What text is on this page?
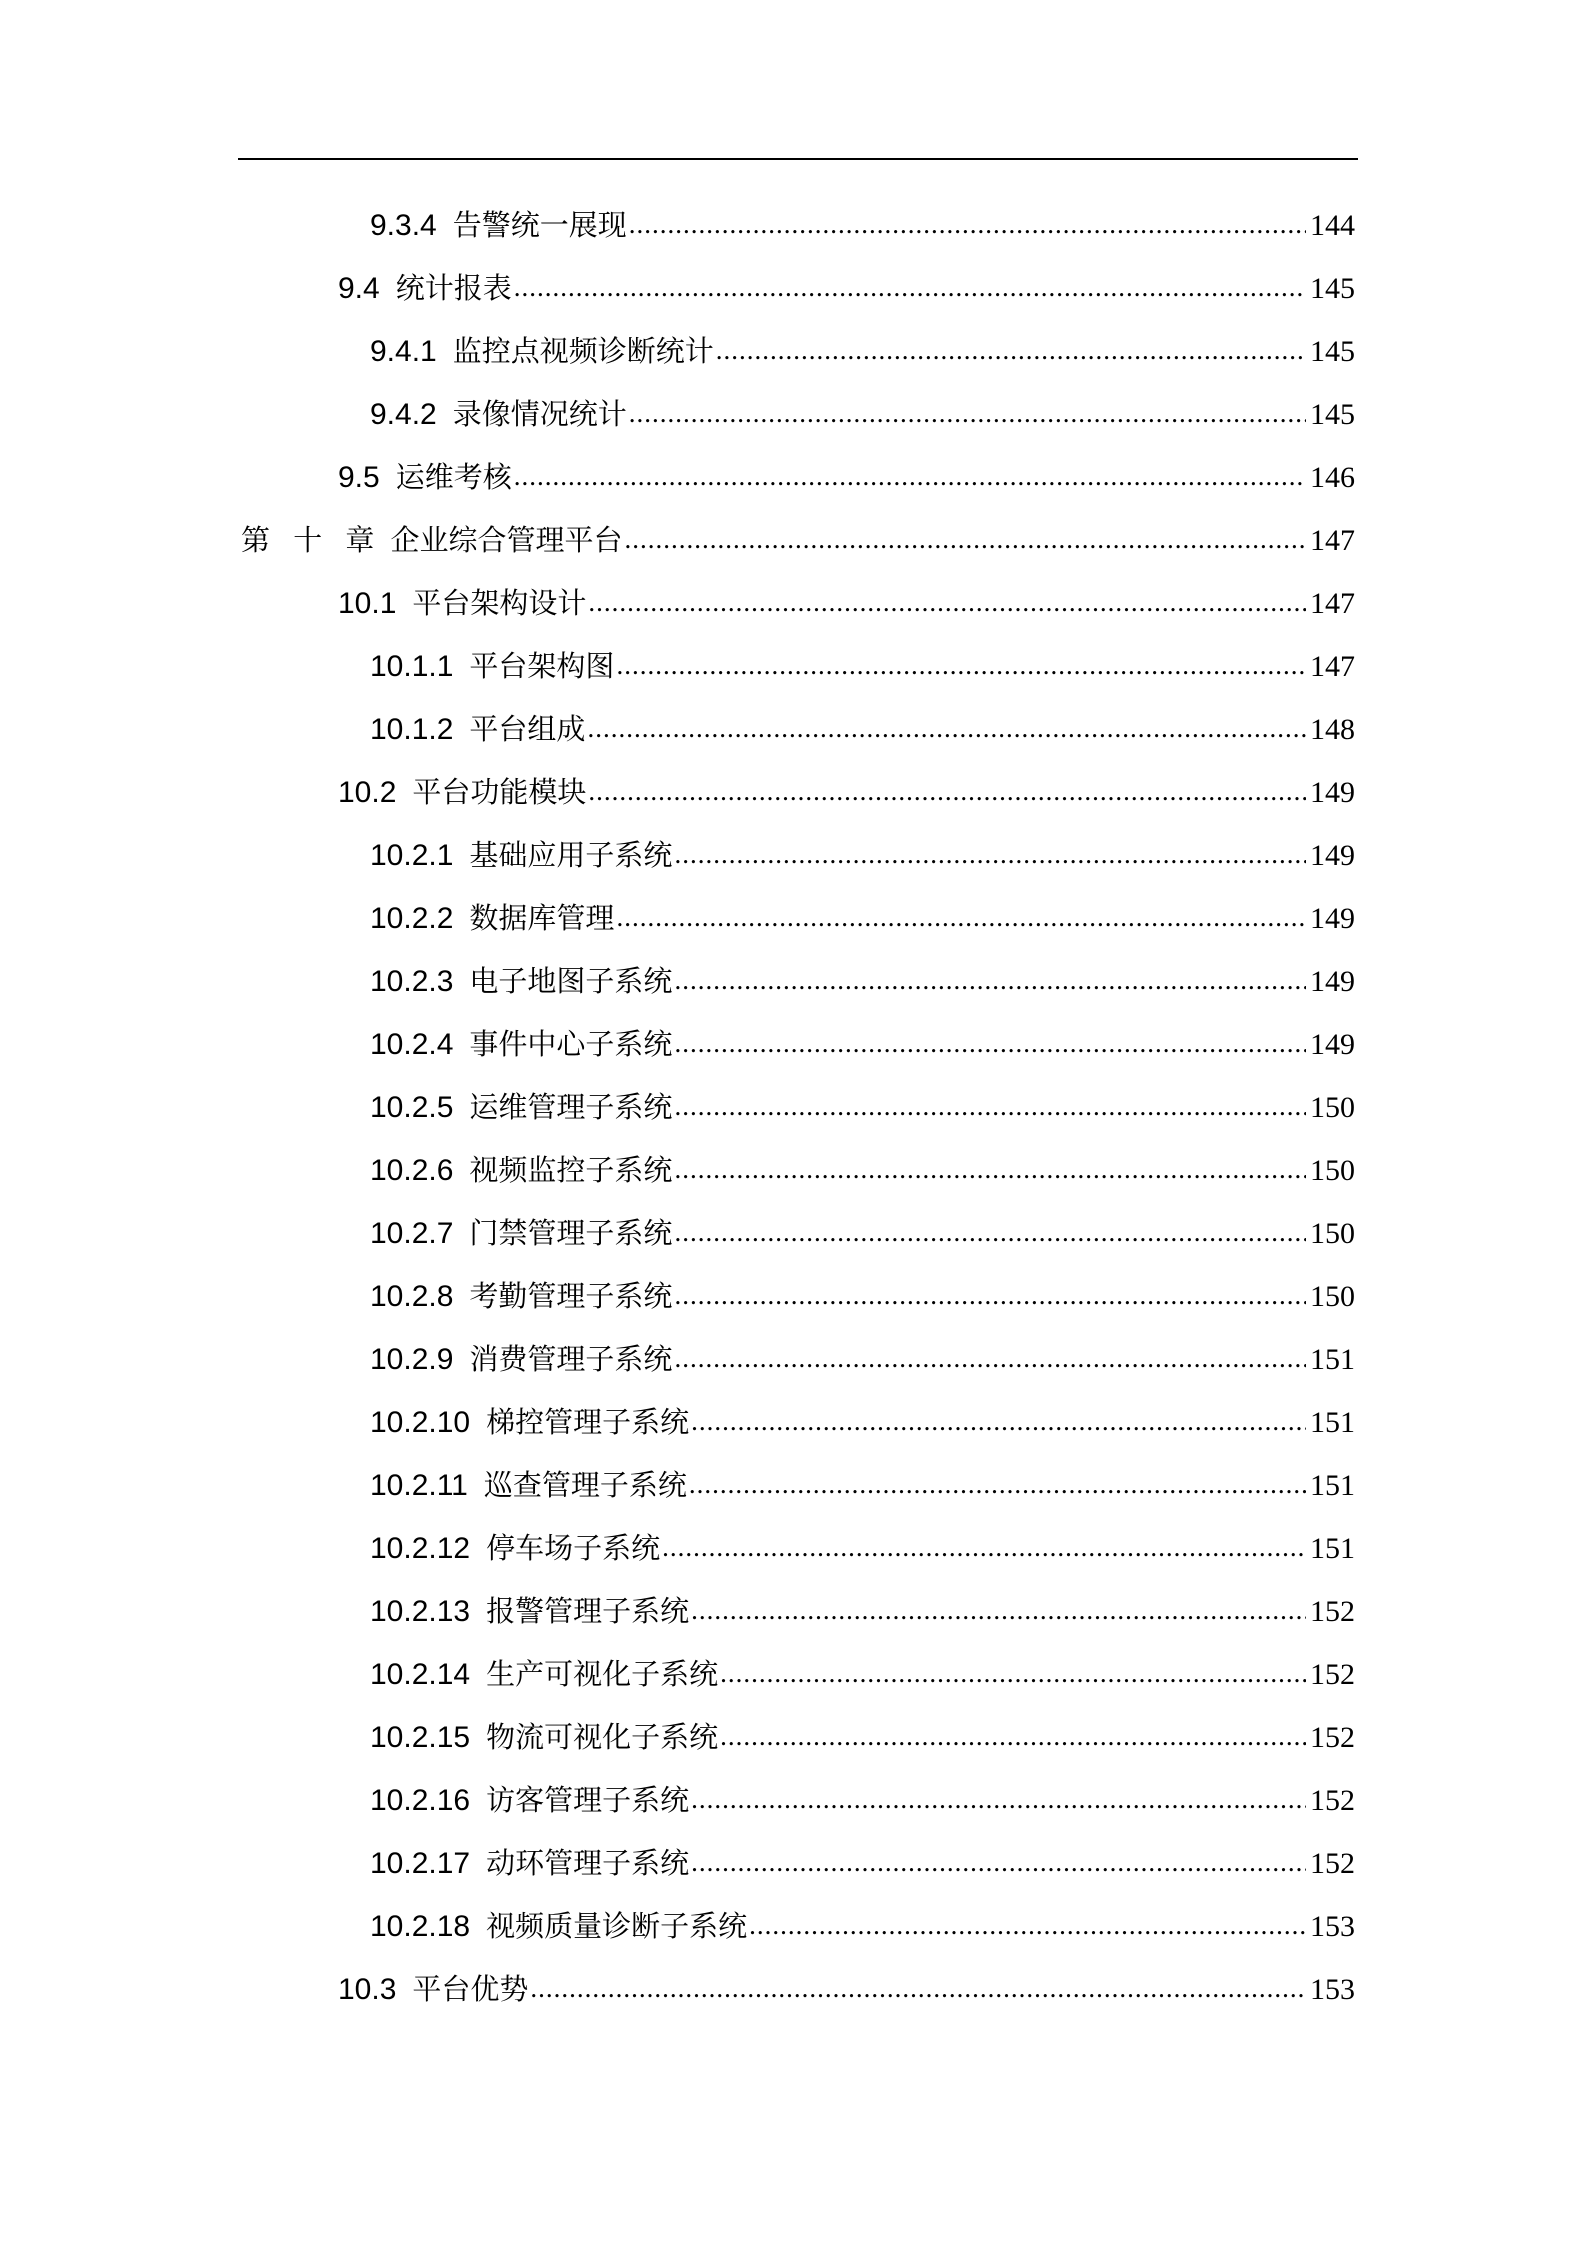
9.3.4 告警统一展现 .....	144
9.4 统计报表 .....	145
9.4.1 监控点视频诊断统计 .....	145
9.4.2 录像情况统计 .....	145
9.5 运维考核 .....	146
第 十 章 企业综合管理平台 .....	147
10.1 平台架构设计 .....	147
10.1.1 平台架构图 .....	147
10.1.2 平台组成 .....	148
10.2 平台功能模块 .....	149
10.2.1 基础应用子系统 .....	149
10.2.2 数据库管理 .....	149
10.2.3 电子地图子系统 .....	149
10.2.4 事件中心子系统 .....	149
10.2.5 运维管理子系统 .....	150
10.2.6 视频监控子系统 .....	150
10.2.7 门禁管理子系统 .....	150
10.2.8 考勤管理子系统 .....	150
10.2.9 消费管理子系统 .....	151
10.2.10 梯控管理子系统 .....	151
10.2.11 巡查管理子系统 .....	151
10.2.12 停车场子系统 .....	151
10.2.13 报警管理子系统 .....	152
10.2.14 生产可视化子系统 .....	152
10.2.15 物流可视化子系统 .....	152
10.2.16 访客管理子系统 .....	152
10.2.17 动环管理子系统 .....	152
10.2.18 视频质量诊断子系统 .....	153
10.3 平台优势 .....	153
